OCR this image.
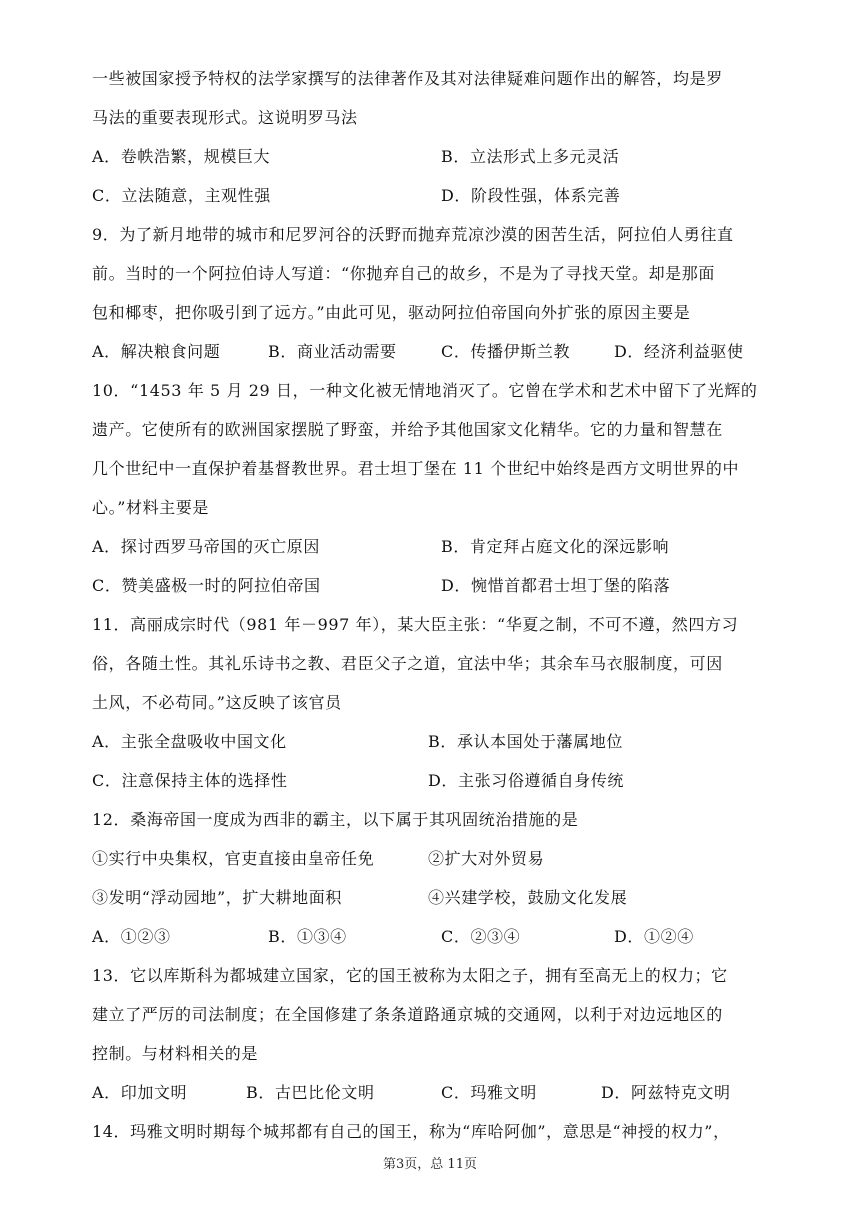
一些被国家授予特权的法学家撰写的法律著作及其对法律疑难问题作出的解答，均是罗
马法的重要表现形式。这说明罗马法
A．卷帙浩繁，规模巨大	B．立法形式上多元灵活
C．立法随意，主观性强	D．阶段性强，体系完善
9．为了新月地带的城市和尼罗河谷的沃野而抛弃荒凉沙漠的困苦生活，阿拉伯人勇往直
前。当时的一个阿拉伯诗人写道：“你抛弃自己的故乡，不是为了寻找天堂。却是那面
包和椰枣，把你吸引到了远方。”由此可见，驱动阿拉伯帝国向外扩张的原因主要是
A．解决粮食问题	B．商业活动需要	C．传播伊斯兰教	D．经济利益驱使
10．“1453 年 5 月 29 日，一种文化被无情地消灭了。它曾在学术和艺术中留下了光辉的
遗产。它使所有的欧洲国家摆脱了野蛮，并给予其他国家文化精华。它的力量和智慧在
几个世纪中一直保护着基督教世界。君士坦丁堡在 11 个世纪中始终是西方文明世界的中
心。”材料主要是
A．探讨西罗马帝国的灭亡原因	B．肯定拜占庭文化的深远影响
C．赞美盛极一时的阿拉伯帝国	D．惋惜首都君士坦丁堡的陷落
11．高丽成宗时代（981 年－997 年），某大臣主张：“华夏之制，不可不遵，然四方习
俗，各随土性。其礼乐诗书之教、君臣父子之道，宜法中华；其余车马衣服制度，可因
土风，不必苟同。”这反映了该官员
A．主张全盘吸收中国文化	B．承认本国处于藩属地位
C．注意保持主体的选择性	D．主张习俗遵循自身传统
12．桑海帝国一度成为西非的霸主，以下属于其巩固统治措施的是
①实行中央集权，官吏直接由皇帝任免	②扩大对外贸易
③发明“浮动园地”，扩大耕地面积	④兴建学校，鼓励文化发展
A．①②③	B．①③④	C．②③④	D．①②④
13．它以库斯科为都城建立国家，它的国王被称为太阳之子，拥有至高无上的权力；它
建立了严厉的司法制度；在全国修建了条条道路通京城的交通网，以利于对边远地区的
控制。与材料相关的是
A．印加文明	B．古巴比伦文明	C．玛雅文明	D．阿兹特克文明
14．玛雅文明时期每个城邦都有自己的国王，称为“库哈阿伽”，意思是“神授的权力”，
第3页，总 11页
